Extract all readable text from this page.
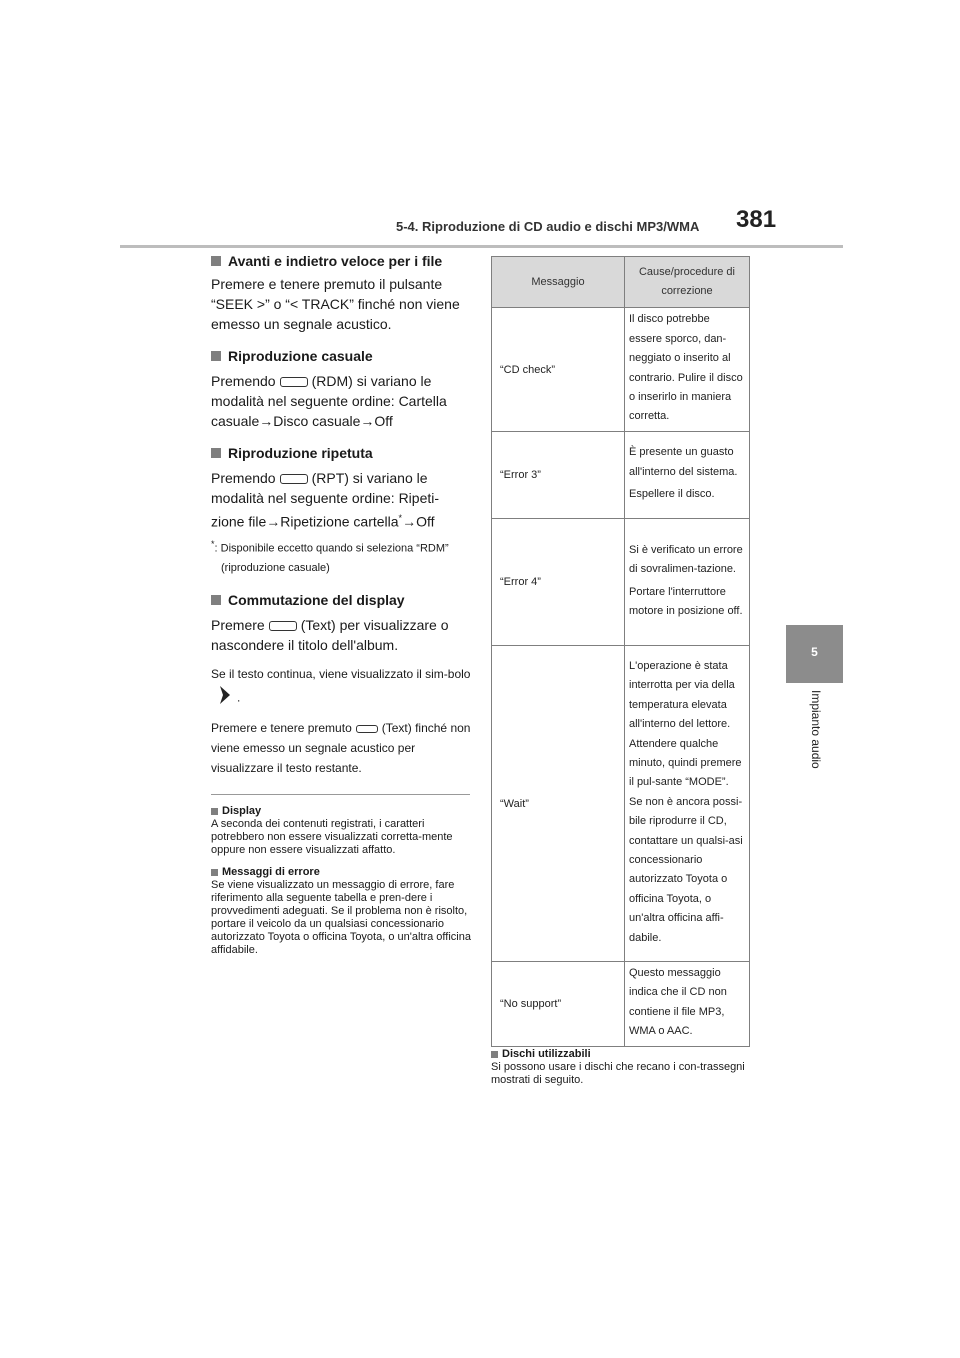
5-4. Riproduzione di CD audio e dischi MP3/WMA 381
5
Impianto audio
Avanti e indietro veloce per i file

Premere e tenere premuto il pulsante “SEEK >” o “< TRACK” finché non viene emesso un segnale acustico.

Riproduzione casuale

Premendo	(RDM) si variano le modalità nel seguente ordine: Cartella casuale→Disco casuale→Off

Riproduzione ripetuta

Premendo	(RPT) si variano le modalità nel seguente ordine: Ripeti-zione file→Ripetizione cartella*→Off

*: Disponibile eccetto quando si seleziona “RDM” (riproduzione casuale)

Commutazione del display

Premere	(Text) per visualizzare o nascondere il titolo dell'album.

Se il testo continua, viene visualizzato il sim-bolo.

Premere e tenere premuto	(Text) finché non viene emesso un segnale acustico per visualizzare il testo restante.

Display

A seconda dei contenuti registrati, i caratteri potrebbero non essere visualizzati corretta-mente oppure non essere visualizzati affatto.

Messaggi di errore

Se viene visualizzato un messaggio di errore, fare riferimento alla seguente tabella e pren-dere i provvedimenti adeguati. Se il problema non è risolto, portare il veicolo da un qualsiasi concessionario autorizzato Toyota o officina Toyota, o un'altra officina affidabile.

Messaggio	Cause/procedure di correzione
“CD check”	Il disco potrebbe essere sporco, dan-neggiato o inserito al contrario. Pulire il disco o inserirlo in maniera corretta.

“Error 3”	È presente un guasto all'interno del sistema.

Espellere il disco.

“Error 4”	Si è verificato un errore di sovralimen-tazione.

Portare l'interruttore motore in posizione off.

“Wait”	L'operazione è stata interrotta per via della temperatura elevata all'interno del lettore. Attendere qualche minuto, quindi premere il pul-sante “MODE”. Se non è ancora possi-bile riprodurre il CD, contattare un qualsi-asi concessionario autorizzato Toyota o officina Toyota, o un'altra officina affi-dabile.

“No support”	Questo messaggio indica che il CD non contiene il file MP3, WMA o AAC.

Dischi utilizzabili

Si possono usare i dischi che recano i con-trassegni mostrati di seguito.
